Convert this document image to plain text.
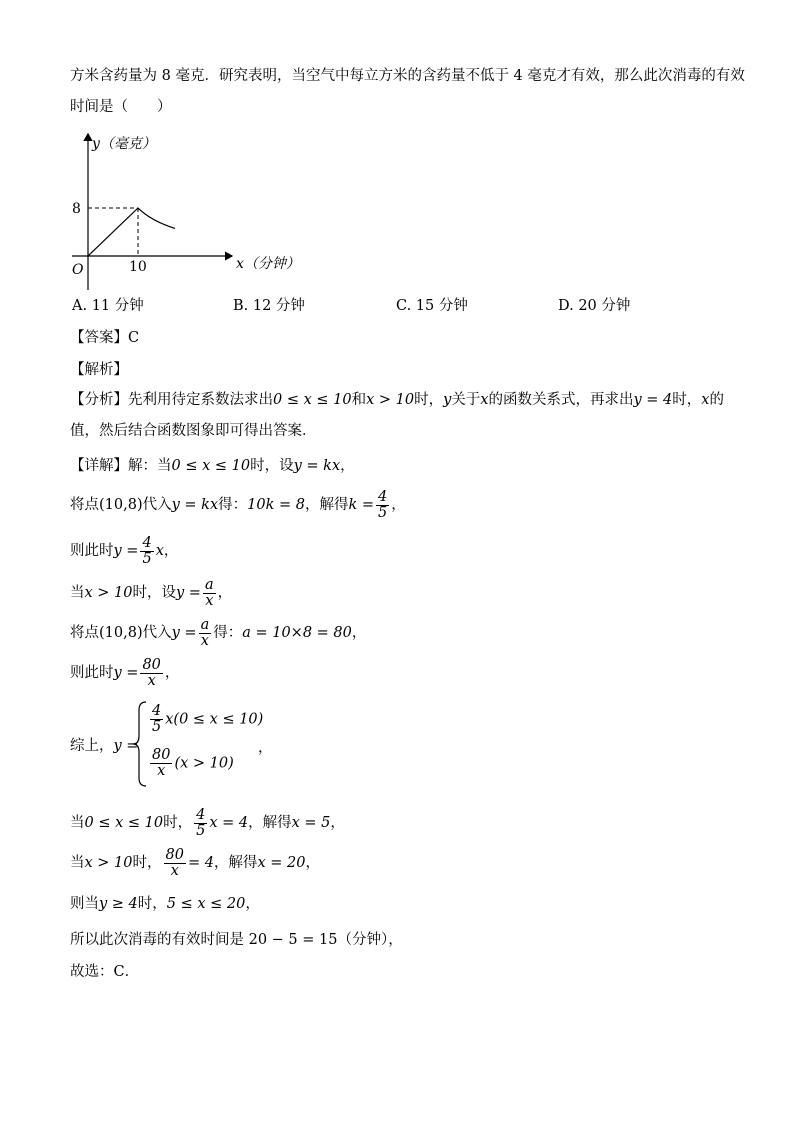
方米含药量为 8 毫克．研究表明，当空气中每立方米的含药量不低于 4 毫克才有效，那么此次消毒的有效
时间是（　　）
y（毫克）
x（分钟）
O
8
10
A. 11 分钟	B. 12 分钟	C. 15 分钟	D. 20 分钟
【答案】C
【解析】
【分析】先利用待定系数法求出0 ≤ x ≤ 10和x > 10时，y关于x的函数关系式，再求出y = 4时，x的
值，然后结合函数图象即可得出答案．
【详解】解：当0 ≤ x ≤ 10时，设y = kx，
将点(10,8)代入y = kx得：10k = 8，解得$k = \frac{4}{5}$ ，
则此时$y = \frac{4}{5}$ x，
当x > 10时，设$y = \frac{a}{x}$ ，
将点(10,8)代入$y = \frac{a}{x}$ 得：a = 10×8 = 80，
则此时$y = \frac{80}{x}$ ，
综上，y =
$\frac{4}{5} x(0 \le x \le 10)$
$\frac{80}{x} (x > 10)$
，
当0 ≤ x ≤ 10时， $\frac{4}{5}$ x = 4，解得x = 5，
当x > 10时， $\frac{80}{x} = 4$，解得x = 20，
则当y ≥ 4时，5 ≤ x ≤ 20，
所以此次消毒的有效时间是 20 − 5 = 15（分钟），
故选：C．
